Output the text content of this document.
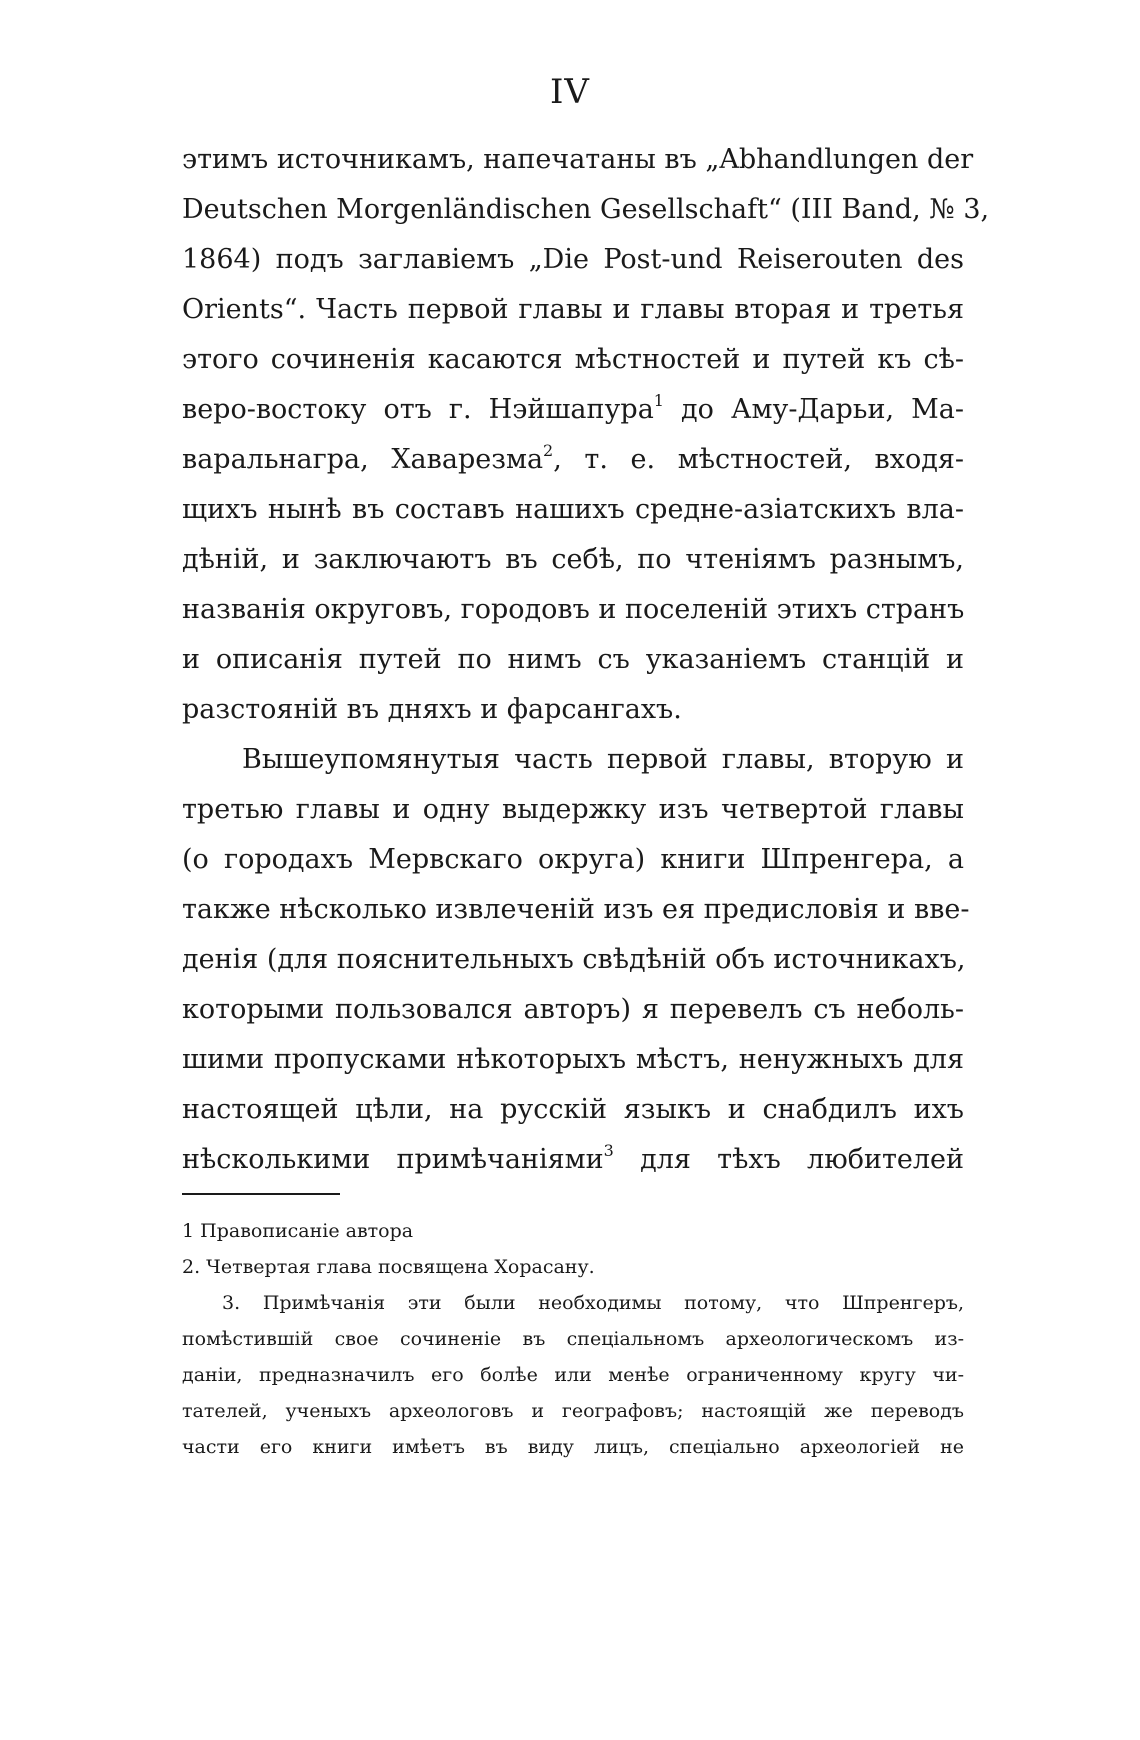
IV
этимъ источникамъ, напечатаны въ „Abhandlungen der
Deutschen Morgenländischen Gesellschaft“ (III Band, № 3,
1864) подъ заглавіемъ „Die Post-und Reiserouten des
Orients“. Часть первой главы и главы вторая и третья
этого сочиненія касаются мѣстностей и путей къ сѣ-
веро-востоку отъ г. Нэйшапура$^1$ до Аму-Дарьи, Ма-
варальнагра, Хаварезма$^2$, т. е. мѣстностей, входя-
щихъ нынѣ въ составъ нашихъ средне-азіатскихъ вла-
дѣній, и заключаютъ въ себѣ, по чтеніямъ разнымъ,
названія округовъ, городовъ и поселеній этихъ странъ
и описанія путей по нимъ съ указаніемъ станцій и
разстояній въ дняхъ и фарсангахъ.
Вышеупомянутыя часть первой главы, вторую и
третью главы и одну выдержку изъ четвертой главы
(о городахъ Мервскаго округа) книги Шпренгера, а
также нѣсколько извлеченій изъ ея предисловія и вве-
денія (для пояснительныхъ свѣдѣній объ источникахъ,
которыми пользовался авторъ) я перевелъ съ неболь-
шими пропусками нѣкоторыхъ мѣстъ, ненужныхъ для
настоящей цѣли, на русскій языкъ и снабдилъ ихъ
нѣсколькими примѣчаніями$^3$ для тѣхъ любителей
1 Правописаніе автора
2. Четвертая глава посвящена Хорасану.
3. Примѣчанія эти были необходимы потому, что Шпренгеръ,
помѣстившій свое сочиненіе въ спеціальномъ археологическомъ из-
даніи, предназначилъ его болѣе или менѣе ограниченному кругу чи-
тателей, ученыхъ археологовъ и географовъ; настоящій же переводъ
части его книги имѣетъ въ виду лицъ, спеціально археологіей не
